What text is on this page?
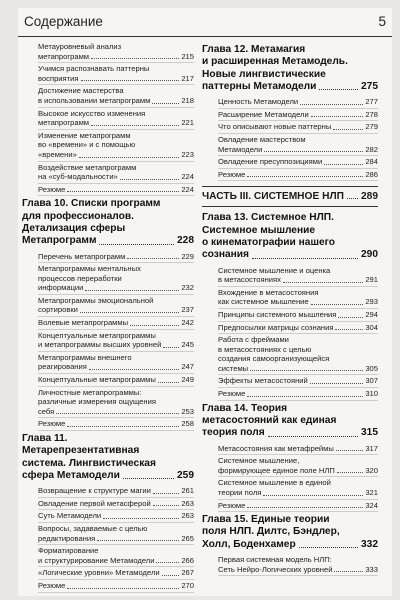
Содержание	5
Метауровневый анализ
метапрограмм	215
Учимся распознавать паттерны
восприятия	217
Достижение мастерства
в использовании метапрограмм	218
Высокое искусство изменения
метапрограмм	221
Изменение метапрограмм
во «времени» и с помощью
«времени»	223
Воздействие метапрограмм
на «суб-модальности»	224
Резюме	224
Глава 10. Списки программ
для профессионалов.
Детализация сферы
Метапрограмм	228
Перечень метапрограмм	229
Метапрограммы ментальных
процессов переработки
информации	232
Метапрограммы эмоциональной
сортировки	237
Волевые метапрограммы	242
Концептуальные метапрограммы
и метапрограммы высших уровней	245
Метапрограммы внешнего
реагирования	247
Концептуальные метапрограммы	249
Личностные метапрограммы:
различные измерения ощущения
себя	253
Резюме	258
Глава 11.
Метарепрезентативная
система. Лингвистическая
сфера Метамодели	259
Возвращение к структуре магии	261
Овладение первой метасферой	263
Суть Метамодели	263
Вопросы, задаваемые с целью
редактирования	265
Форматирование
и структурирование Метамодели	266
«Логические уровни» Метамодели	267
Резюме	270
Глава 12. Метамагия
и расширенная Метамодель.
Новые лингвистические
паттерны Метамодели	275
Ценность Метамодели	277
Расширение Метамодели	278
Что описывают новые паттерны	279
Овладение мастерством
Метамодели	282
Овладение пресуппозициями	284
Резюме	286
ЧАСТЬ III. СИСТЕМНОЕ НЛП 289
Глава 13. Системное НЛП.
Системное мышление
о кинематографии нашего
сознания	290
Системное мышление и оценка
в метасостояниях	291
Вхождение в метасостояния
как системное мышление	293
Принципы системного мышления	294
Предпосылки матрицы сознания	304
Работа с фреймами
в метасостояниях с целью
создания самоорганизующейся
системы	305
Эффекты метасостояний	307
Резюме	310
Глава 14. Теория
метасостояний как единая
теория поля	315
Метасостояния как метафреймы	317
Системное мышление,
формирующее единое поле НЛП	320
Системное мышление в единой
теории поля	321
Резюме	324
Глава 15. Единые теории
поля НЛП. Дилтс, Бэндлер,
Холл, Боденхамер	332
Первая системная модель НЛП:
Сеть Нейро-Логических уровней	333
